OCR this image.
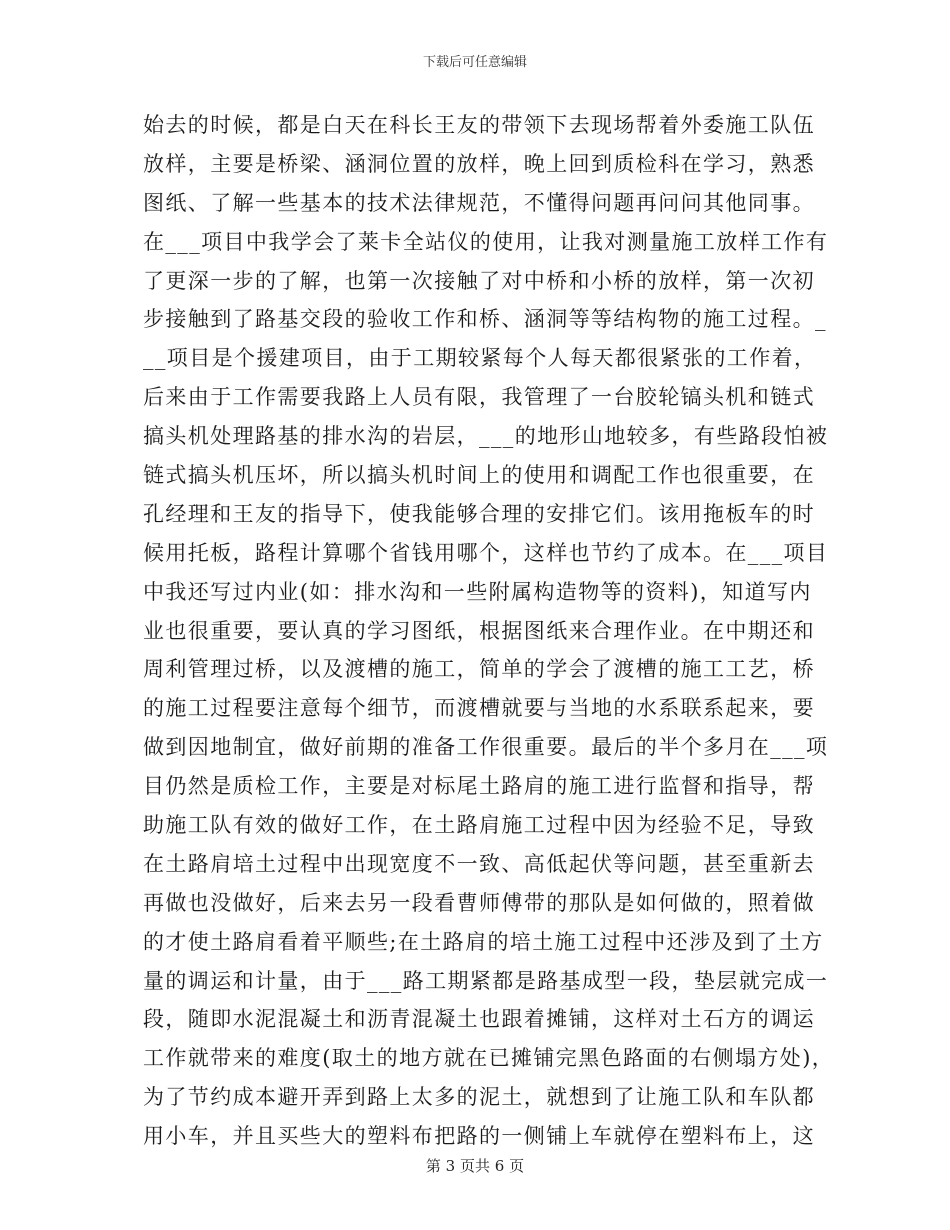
下载后可任意编辑
始去的时候，都是白天在科长王友的带领下去现场帮着外委施工队伍
放样，主要是桥梁、涵洞位置的放样，晚上回到质检科在学习，熟悉
图纸、了解一些基本的技术法律规范，不懂得问题再问问其他同事。
在___项目中我学会了莱卡全站仪的使用，让我对测量施工放样工作有
了更深一步的了解，也第一次接触了对中桥和小桥的放样，第一次初
步接触到了路基交段的验收工作和桥、涵洞等等结构物的施工过程。_
__项目是个援建项目，由于工期较紧每个人每天都很紧张的工作着，
后来由于工作需要我路上人员有限，我管理了一台胶轮镐头机和链式
搞头机处理路基的排水沟的岩层，___的地形山地较多，有些路段怕被
链式搞头机压坏，所以搞头机时间上的使用和调配工作也很重要，在
孔经理和王友的指导下，使我能够合理的安排它们。该用拖板车的时
候用托板，路程计算哪个省钱用哪个，这样也节约了成本。在___项目
中我还写过内业(如：排水沟和一些附属构造物等的资料)，知道写内
业也很重要，要认真的学习图纸，根据图纸来合理作业。在中期还和
周利管理过桥，以及渡槽的施工，简单的学会了渡槽的施工工艺，桥
的施工过程要注意每个细节，而渡槽就要与当地的水系联系起来，要
做到因地制宜，做好前期的准备工作很重要。最后的半个多月在___项
目仍然是质检工作，主要是对标尾土路肩的施工进行监督和指导，帮
助施工队有效的做好工作，在土路肩施工过程中因为经验不足，导致
在土路肩培土过程中出现宽度不一致、高低起伏等问题，甚至重新去
再做也没做好，后来去另一段看曹师傅带的那队是如何做的，照着做
的才使土路肩看着平顺些;在土路肩的培土施工过程中还涉及到了土方
量的调运和计量，由于___路工期紧都是路基成型一段，垫层就完成一
段，随即水泥混凝土和沥青混凝土也跟着摊铺，这样对土石方的调运
工作就带来的难度(取土的地方就在已摊铺完黑色路面的右侧塌方处)，
为了节约成本避开弄到路上太多的泥土，就想到了让施工队和车队都
用小车，并且买些大的塑料布把路的一侧铺上车就停在塑料布上，这
第 3 页共 6 页
